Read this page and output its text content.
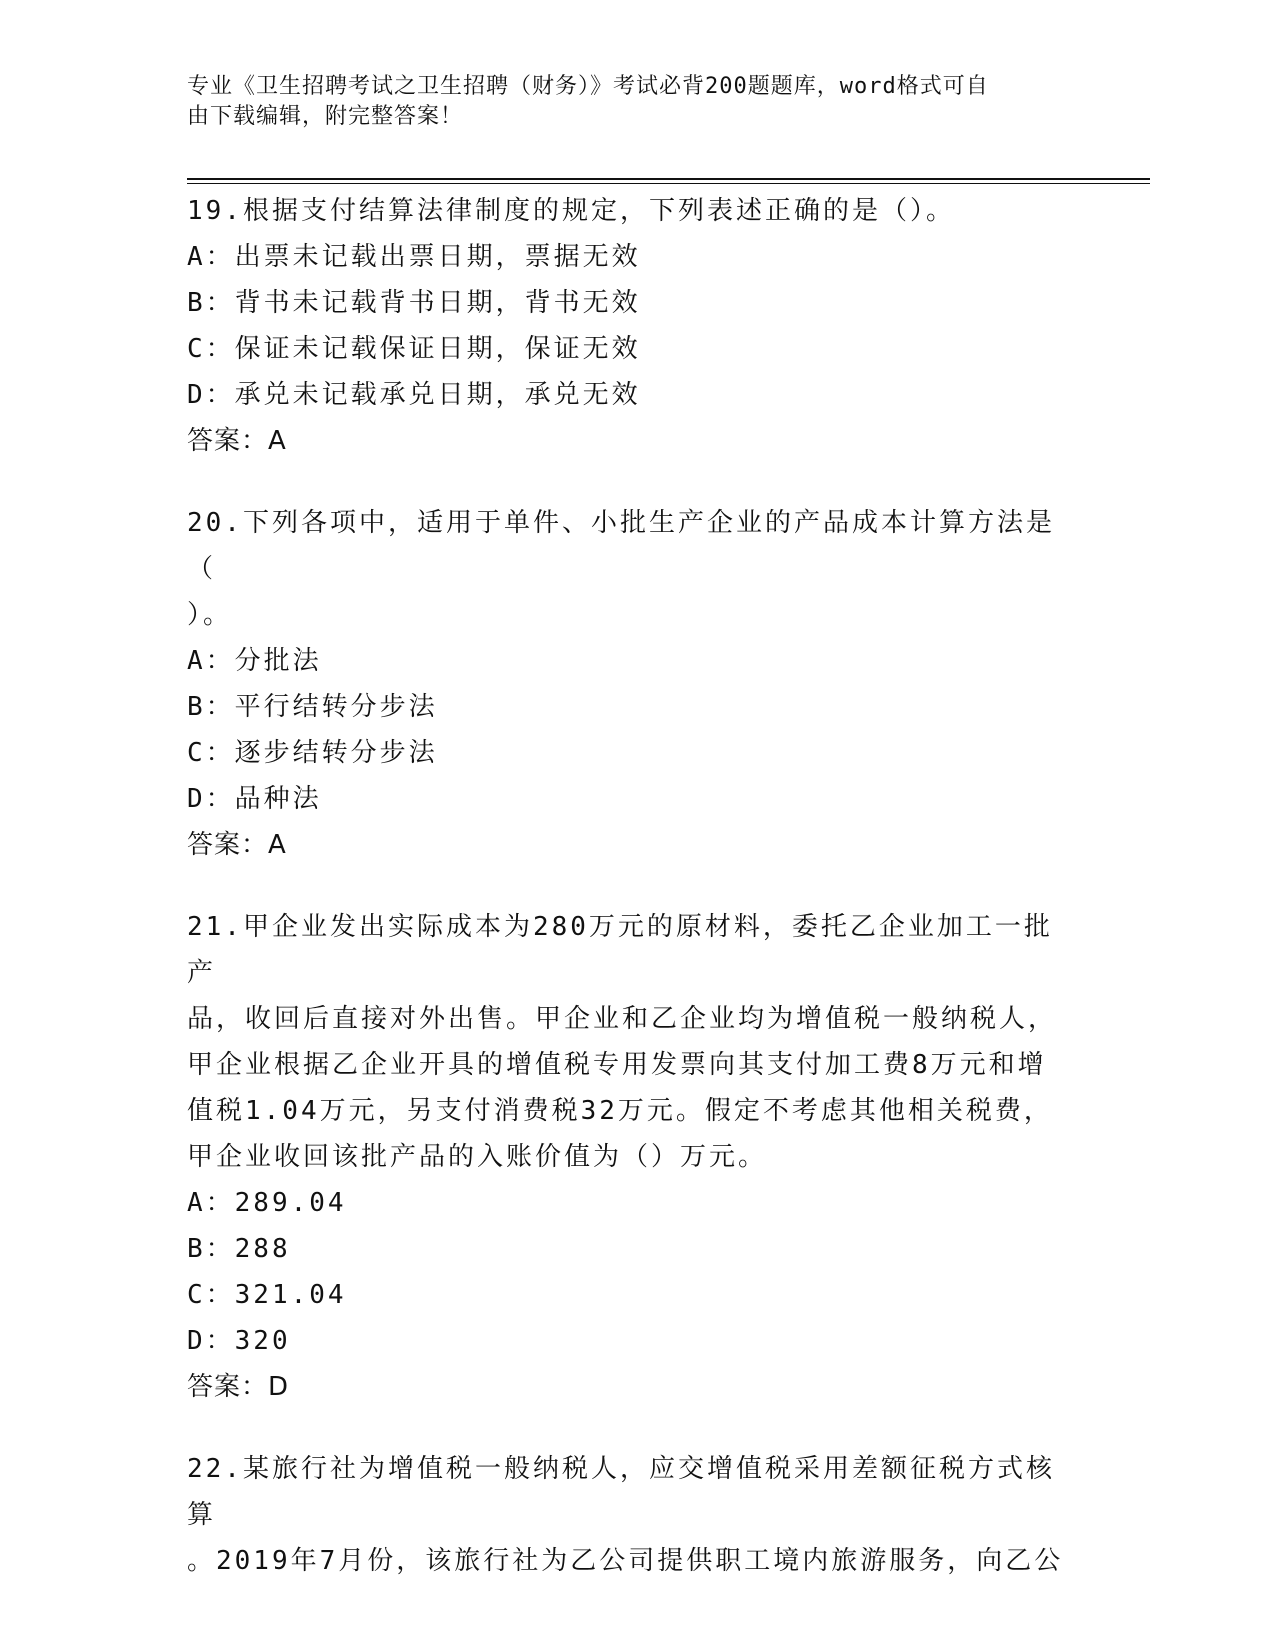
专业《卫生招聘考试之卫生招聘（财务）》考试必背200题题库，word格式可自
由下载编辑，附完整答案！
19.根据支付结算法律制度的规定，下列表述正确的是（）。
A：出票未记载出票日期，票据无效
B：背书未记载背书日期，背书无效
C：保证未记载保证日期，保证无效
D：承兑未记载承兑日期，承兑无效
答案：A
20.下列各项中，适用于单件、小批生产企业的产品成本计算方法是（
）。
A：分批法
B：平行结转分步法
C：逐步结转分步法
D：品种法
答案：A
21.甲企业发出实际成本为280万元的原材料，委托乙企业加工一批产
品，收回后直接对外出售。甲企业和乙企业均为增值税一般纳税人，
甲企业根据乙企业开具的增值税专用发票向其支付加工费8万元和增
值税1.04万元，另支付消费税32万元。假定不考虑其他相关税费，
甲企业收回该批产品的入账价值为（）万元。
A：289.04
B：288
C：321.04
D：320
答案：D
22.某旅行社为增值税一般纳税人，应交增值税采用差额征税方式核算
。2019年7月份，该旅行社为乙公司提供职工境内旅游服务，向乙公
